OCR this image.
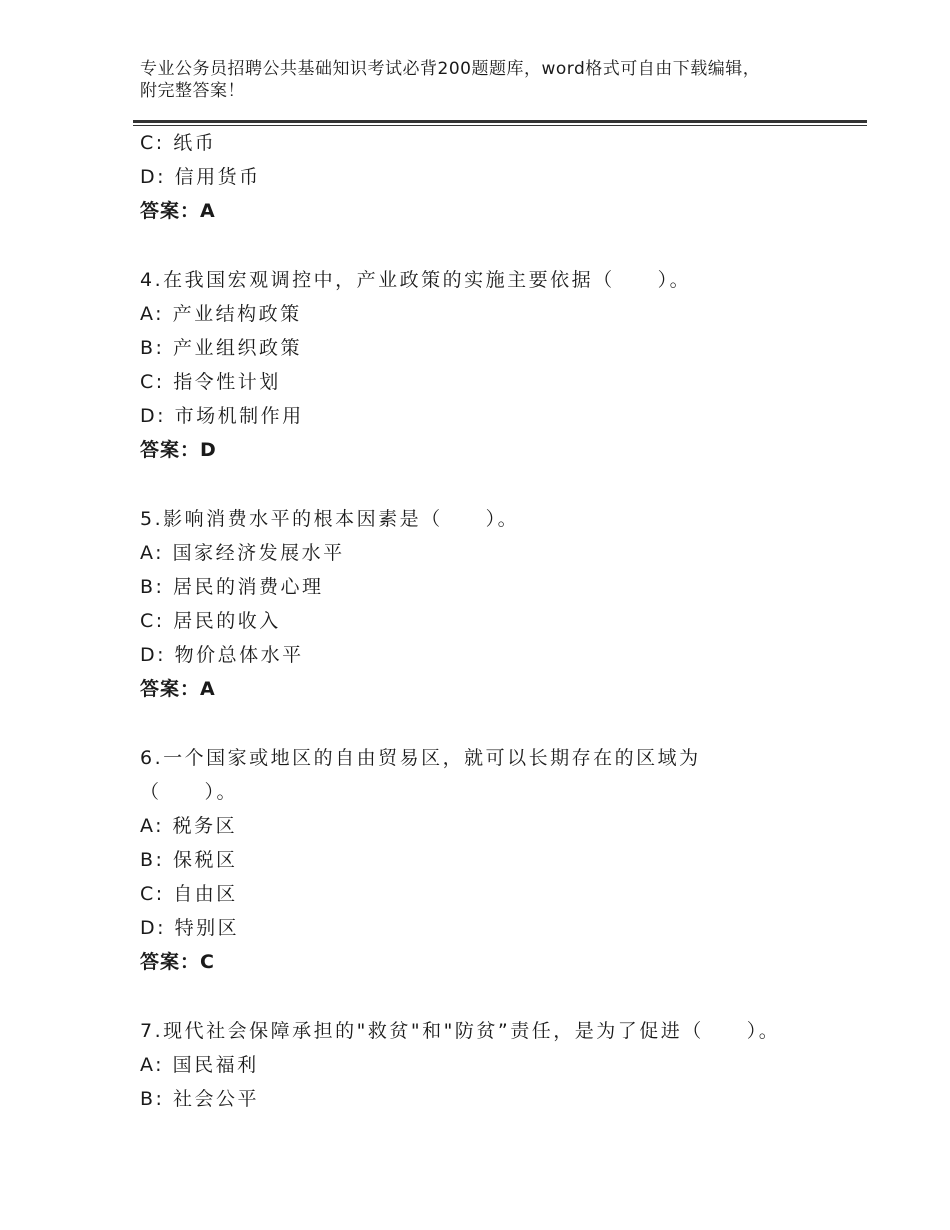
专业公务员招聘公共基础知识考试必背200题题库，word格式可自由下载编辑，
附完整答案！
C: 纸币
D: 信用货币
答案：A
4.在我国宏观调控中，产业政策的实施主要依据（　　）。
A: 产业结构政策
B: 产业组织政策
C: 指令性计划
D: 市场机制作用
答案：D
5.影响消费水平的根本因素是（　　）。
A: 国家经济发展水平
B: 居民的消费心理
C: 居民的收入
D: 物价总体水平
答案：A
6.一个国家或地区的自由贸易区，就可以长期存在的区域为
（　　）。
A: 税务区
B: 保税区
C: 自由区
D: 特别区
答案：C
7.现代社会保障承担的"救贫"和"防贫”责任，是为了促进（　　）。
A: 国民福利
B: 社会公平
